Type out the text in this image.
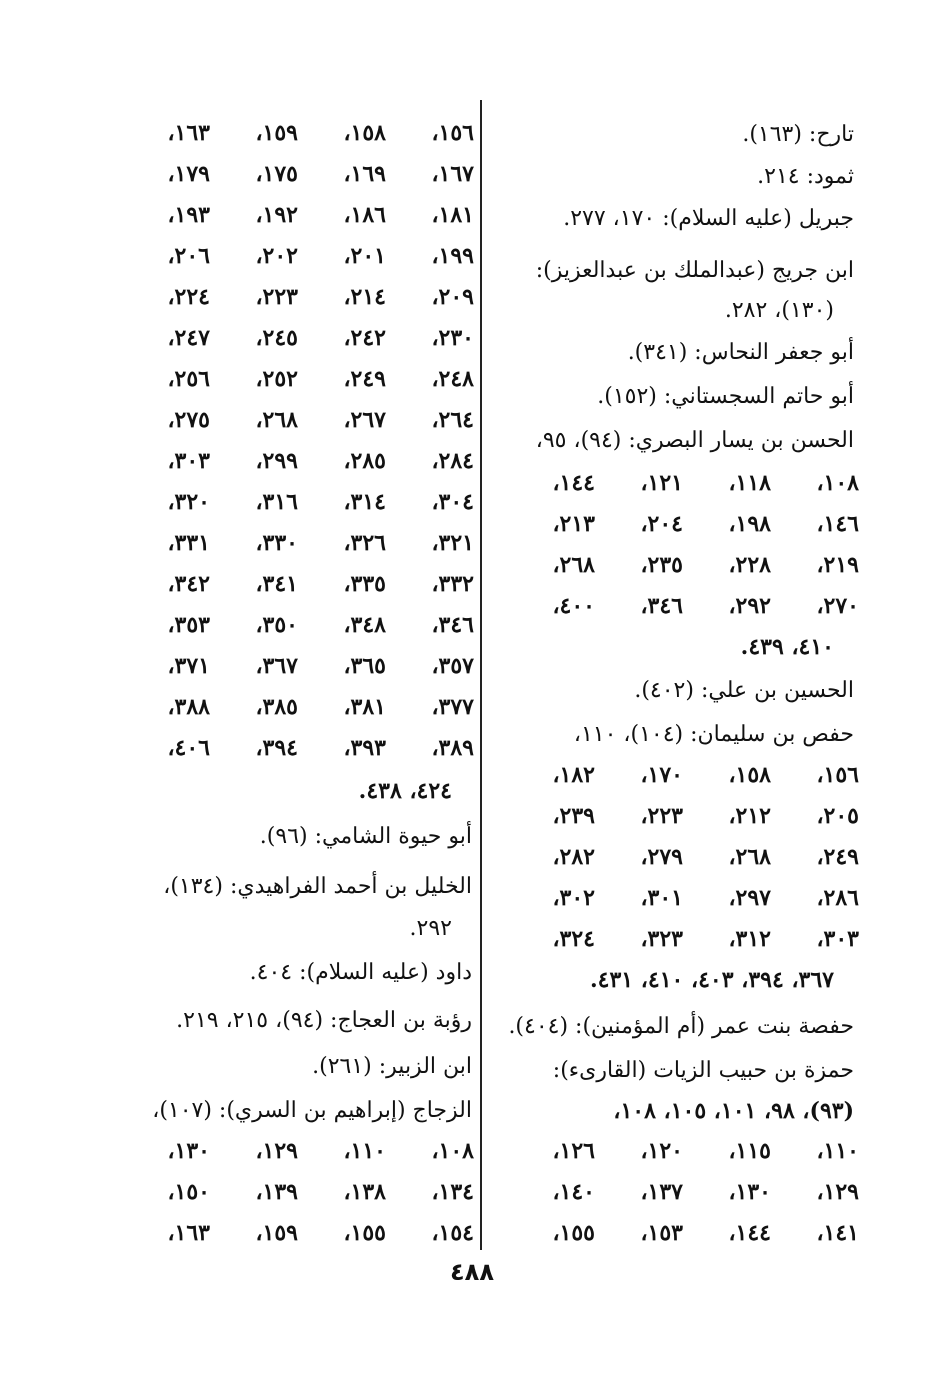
تارح: (١٦٣).
ثمود: ٢١٤.
جبريل (عليه السلام): ١٧٠، ٢٧٧.
ابن جريج (عبدالملك بن عبدالعزيز):
(١٣٠)، ٢٨٢.
أبو جعفر النحاس: (٣٤١).
أبو حاتم السجستاني: (١٥٢).
الحسن بن يسار البصري: (٩٤)، ٩٥،
١٠٨،
١١٨،
١٢١،
١٤٤،
١٤٦،
١٩٨،
٢٠٤،
٢١٣،
٢١٩،
٢٢٨،
٢٣٥،
٢٦٨،
٢٧٠،
٢٩٢،
٣٤٦،
٤٠٠،
٤١٠، ٤٣٩.
الحسين بن علي: (٤٠٢).
حفص بن سليمان: (١٠٤)، ١١٠،
١٥٦،
١٥٨،
١٧٠،
١٨٢،
٢٠٥،
٢١٢،
٢٢٣،
٢٣٩،
٢٤٩،
٢٦٨،
٢٧٩،
٢٨٢،
٢٨٦،
٢٩٧،
٣٠١،
٣٠٢،
٣٠٣،
٣١٢،
٣٢٣،
٣٢٤،
٣٦٧، ٣٩٤، ٤٠٣، ٤١٠، ٤٣١.
حفصة بنت عمر (أم المؤمنين): (٤٠٤).
حمزة بن حبيب الزيات (القارىء):
(٩٣)، ٩٨، ١٠١، ١٠٥، ١٠٨،
١١٠،
١١٥،
١٢٠،
١٢٦،
١٢٩،
١٣٠،
١٣٧،
١٤٠،
١٤١،
١٤٤،
١٥٣،
١٥٥،
١٥٦،
١٥٨،
١٥٩،
١٦٣،
١٦٧،
١٦٩،
١٧٥،
١٧٩،
١٨١،
١٨٦،
١٩٢،
١٩٣،
١٩٩،
٢٠١،
٢٠٢،
٢٠٦،
٢٠٩،
٢١٤،
٢٢٣،
٢٢٤،
٢٣٠،
٢٤٢،
٢٤٥،
٢٤٧،
٢٤٨،
٢٤٩،
٢٥٢،
٢٥٦،
٢٦٤،
٢٦٧،
٢٦٨،
٢٧٥،
٢٨٤،
٢٨٥،
٢٩٩،
٣٠٣،
٣٠٤،
٣١٤،
٣١٦،
٣٢٠،
٣٢١،
٣٢٦،
٣٣٠،
٣٣١،
٣٣٢،
٣٣٥،
٣٤١،
٣٤٢،
٣٤٦،
٣٤٨،
٣٥٠،
٣٥٣،
٣٥٧،
٣٦٥،
٣٦٧،
٣٧١،
٣٧٧،
٣٨١،
٣٨٥،
٣٨٨،
٣٨٩،
٣٩٣،
٣٩٤،
٤٠٦،
٤٢٤، ٤٣٨.
أبو حيوة الشامي: (٩٦).
الخليل بن أحمد الفراهيدي: (١٣٤)،
٢٩٢.
داود (عليه السلام): ٤٠٤.
رؤبة بن العجاج: (٩٤)، ٢١٥، ٢١٩.
ابن الزبير: (٢٦١).
الزجاج (إبراهيم بن السري): (١٠٧)،
١٠٨،
١١٠،
١٢٩،
١٣٠،
١٣٤،
١٣٨،
١٣٩،
١٥٠،
١٥٤،
١٥٥،
١٥٩،
١٦٣،
٤٨٨
